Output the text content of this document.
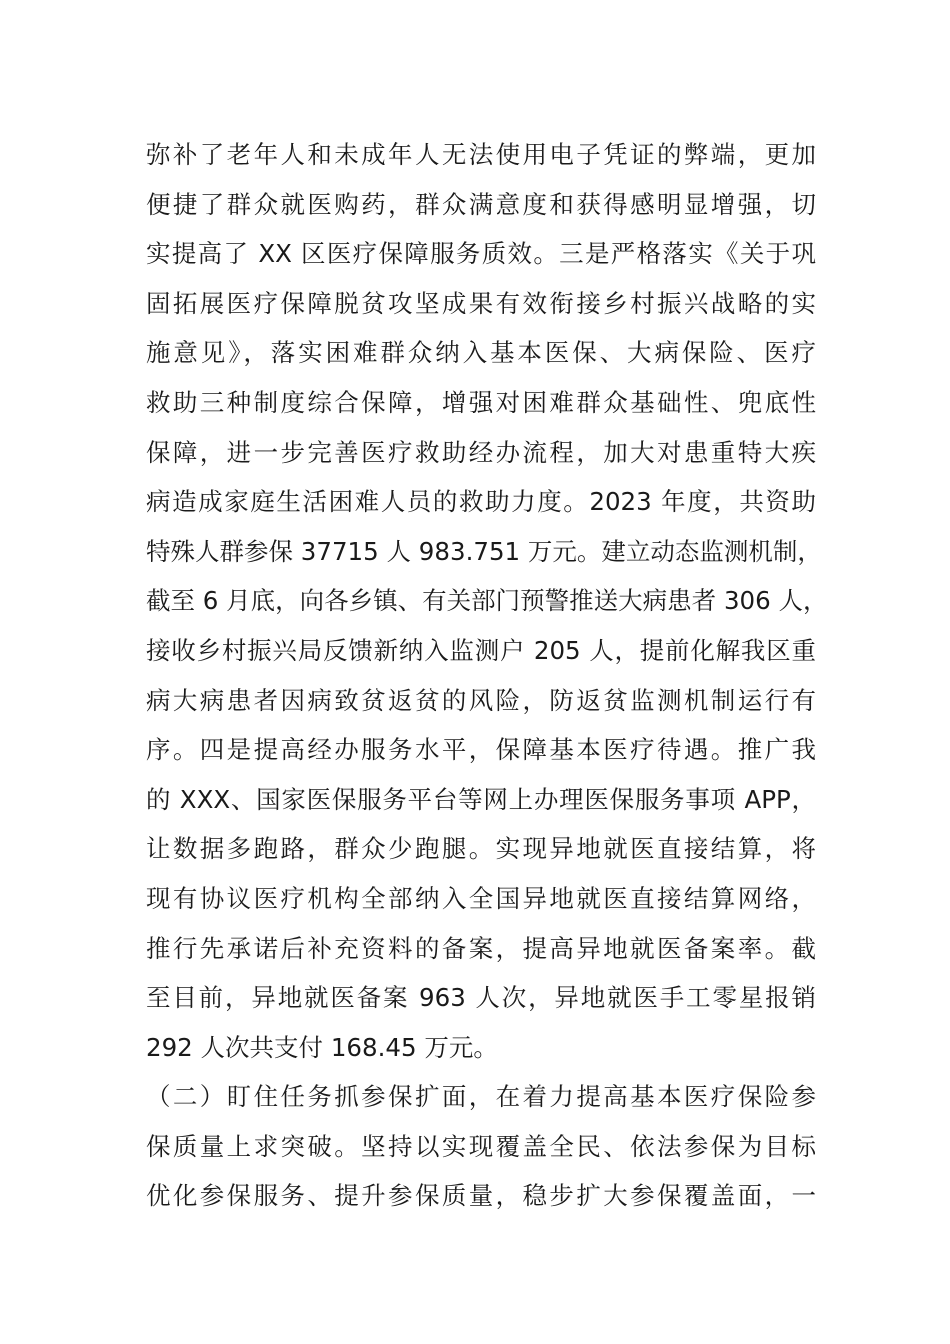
弥补了老年人和未成年人无法使用电子凭证的弊端，更加
便捷了群众就医购药，群众满意度和获得感明显增强，切
实提高了 XX 区医疗保障服务质效。三是严格落实《关于巩
固拓展医疗保障脱贫攻坚成果有效衔接乡村振兴战略的实
施意见》，落实困难群众纳入基本医保、大病保险、医疗
救助三种制度综合保障，增强对困难群众基础性、兜底性
保障，进一步完善医疗救助经办流程，加大对患重特大疾
病造成家庭生活困难人员的救助力度。2023 年度，共资助
特殊人群参保 37715 人 983.751 万元。建立动态监测机制，
截至 6 月底，向各乡镇、有关部门预警推送大病患者 306 人，
接收乡村振兴局反馈新纳入监测户 205 人，提前化解我区重
病大病患者因病致贫返贫的风险，防返贫监测机制运行有
序。四是提高经办服务水平，保障基本医疗待遇。推广我
的 XXX、国家医保服务平台等网上办理医保服务事项 APP，
让数据多跑路，群众少跑腿。实现异地就医直接结算，将
现有协议医疗机构全部纳入全国异地就医直接结算网络，
推行先承诺后补充资料的备案，提高异地就医备案率。截
至目前，异地就医备案 963 人次，异地就医手工零星报销
292 人次共支付 168.45 万元。
（二）盯住任务抓参保扩面，在着力提高基本医疗保险参
保质量上求突破。坚持以实现覆盖全民、依法参保为目标
优化参保服务、提升参保质量，稳步扩大参保覆盖面，一
